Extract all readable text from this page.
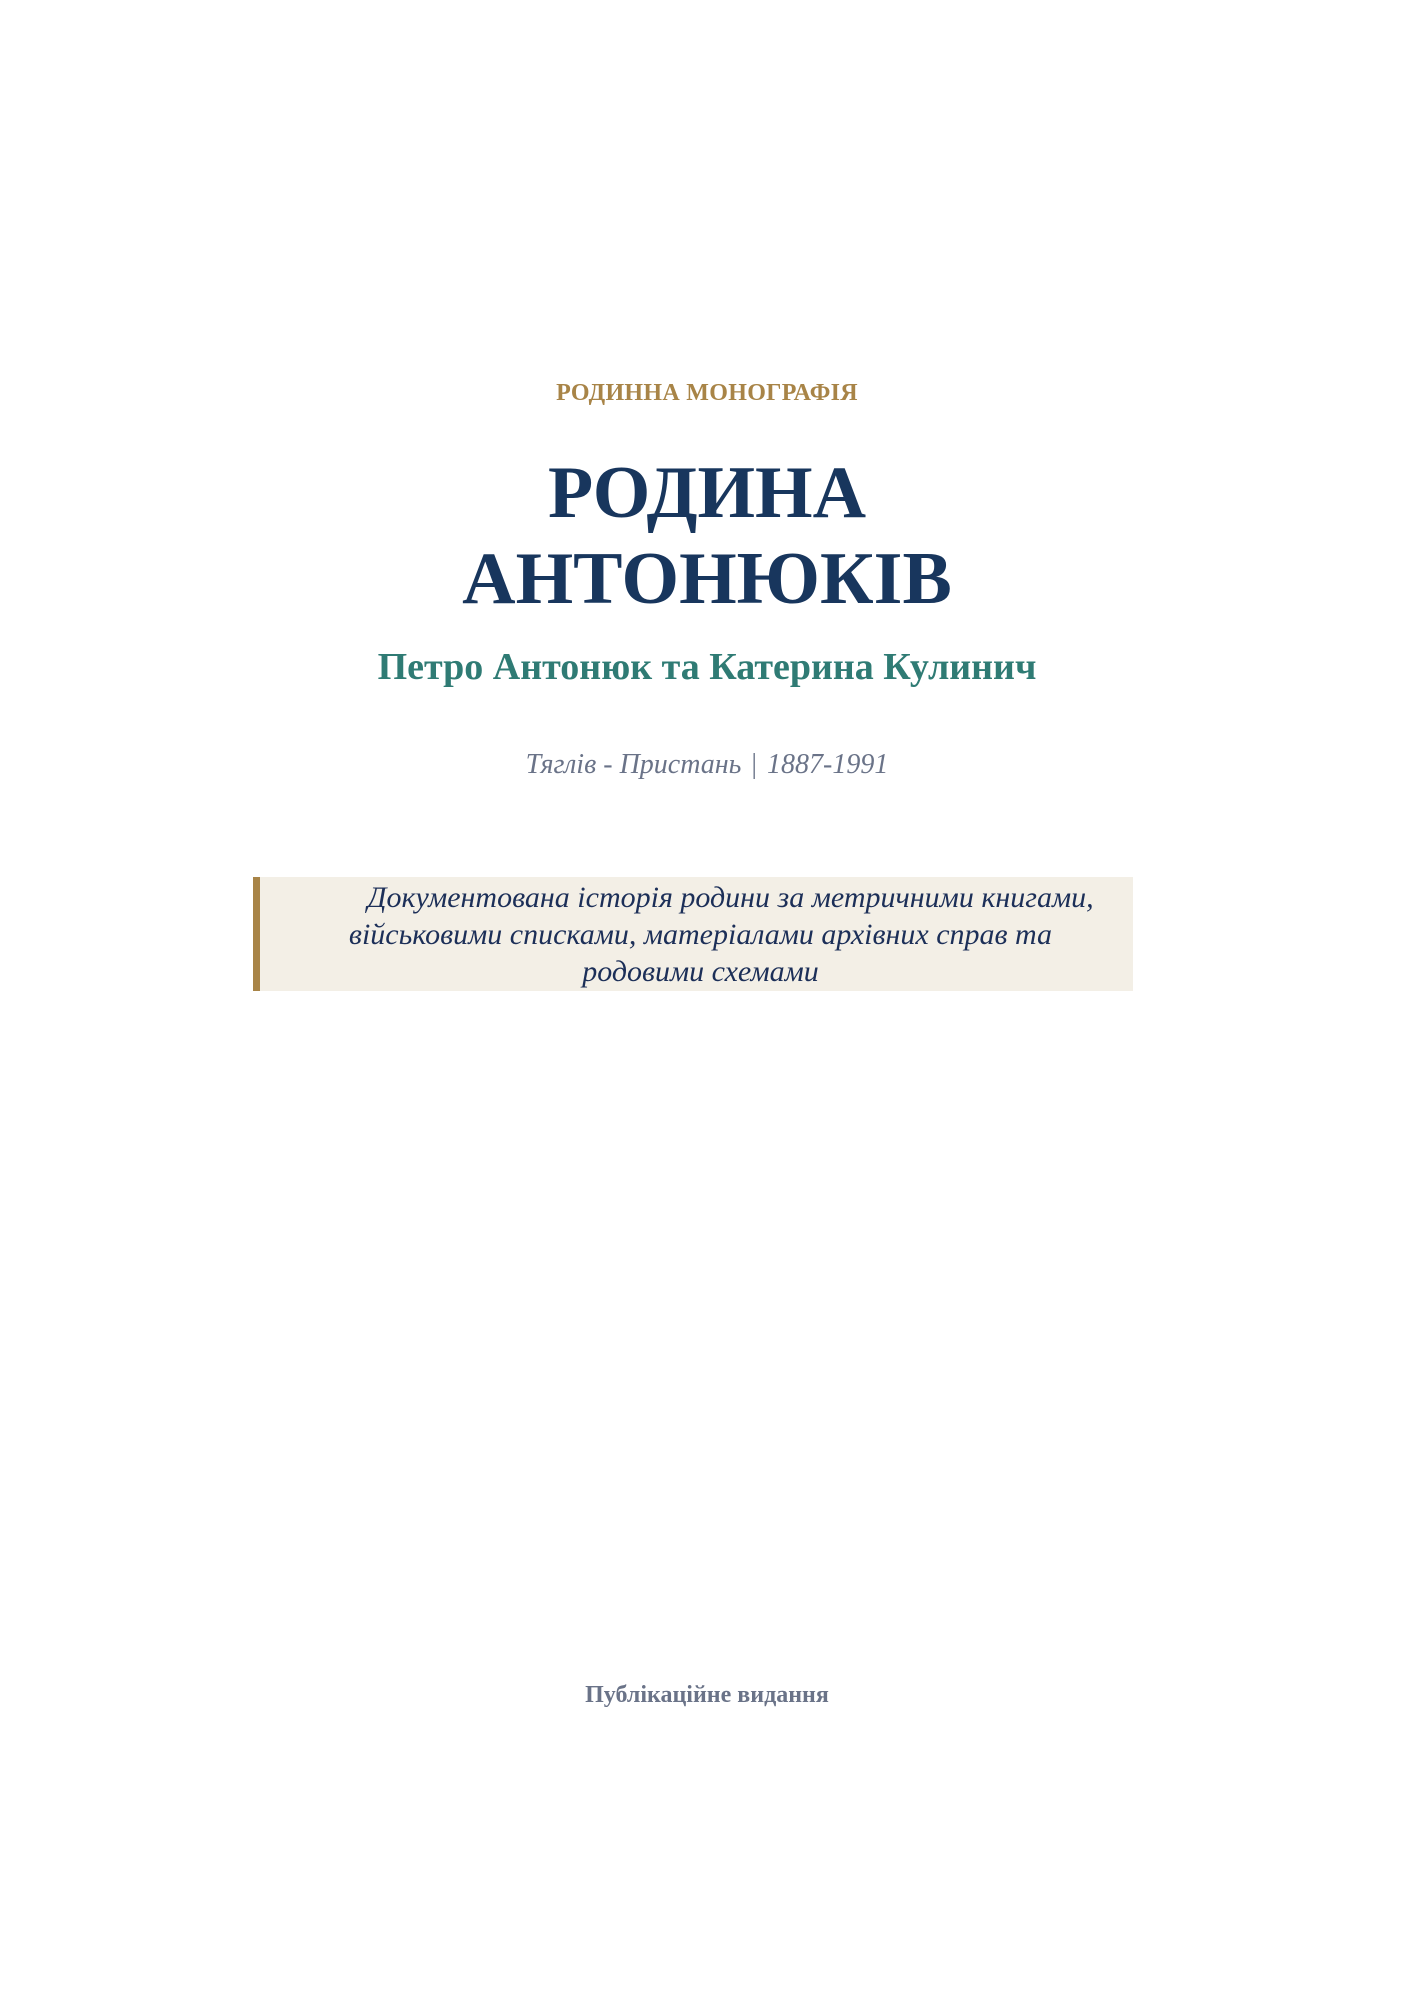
РОДИННА МОНОГРАФІЯ
РОДИНА
АНТОНЮКІВ
Петро Антонюк та Катерина Кулинич
Тяглів - Пристань | 1887-1991

Документована історія родини за метричними книгами, військовими списками, матеріалами архівних справ та родовими схемами

Публікаційне видання
